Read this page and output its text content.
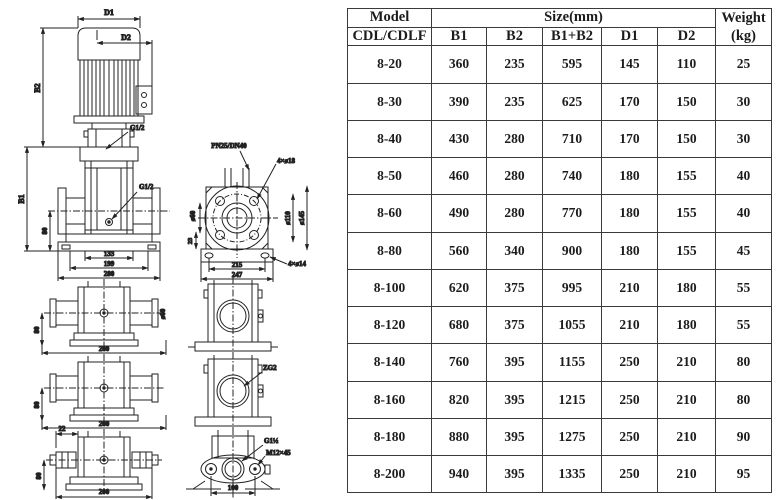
D1
D2
B2
B1
80
G1/2
G1/2
133
199
280
PN25/DN40
4×ø18
ø110 ø145
ø60
23
215
247
4×ø14
80
ø60
260
80
260
22
80
200
ZG2
G1½
M12×45
100
Model	Size(mm)					Weight
(kg)

CDL/CDLF	B1	B2	B1+B2	D1	D2	
8-20	360	235	595	145	110	25
8-30	390	235	625	170	150	30
8-40	430	280	710	170	150	30
8-50	460	280	740	180	155	40
8-60	490	280	770	180	155	40
8-80	560	340	900	180	155	45
8-100	620	375	995	210	180	55
8-120	680	375	1055	210	180	55
8-140	760	395	1155	250	210	80
8-160	820	395	1215	250	210	80
8-180	880	395	1275	250	210	90
8-200	940	395	1335	250	210	95
